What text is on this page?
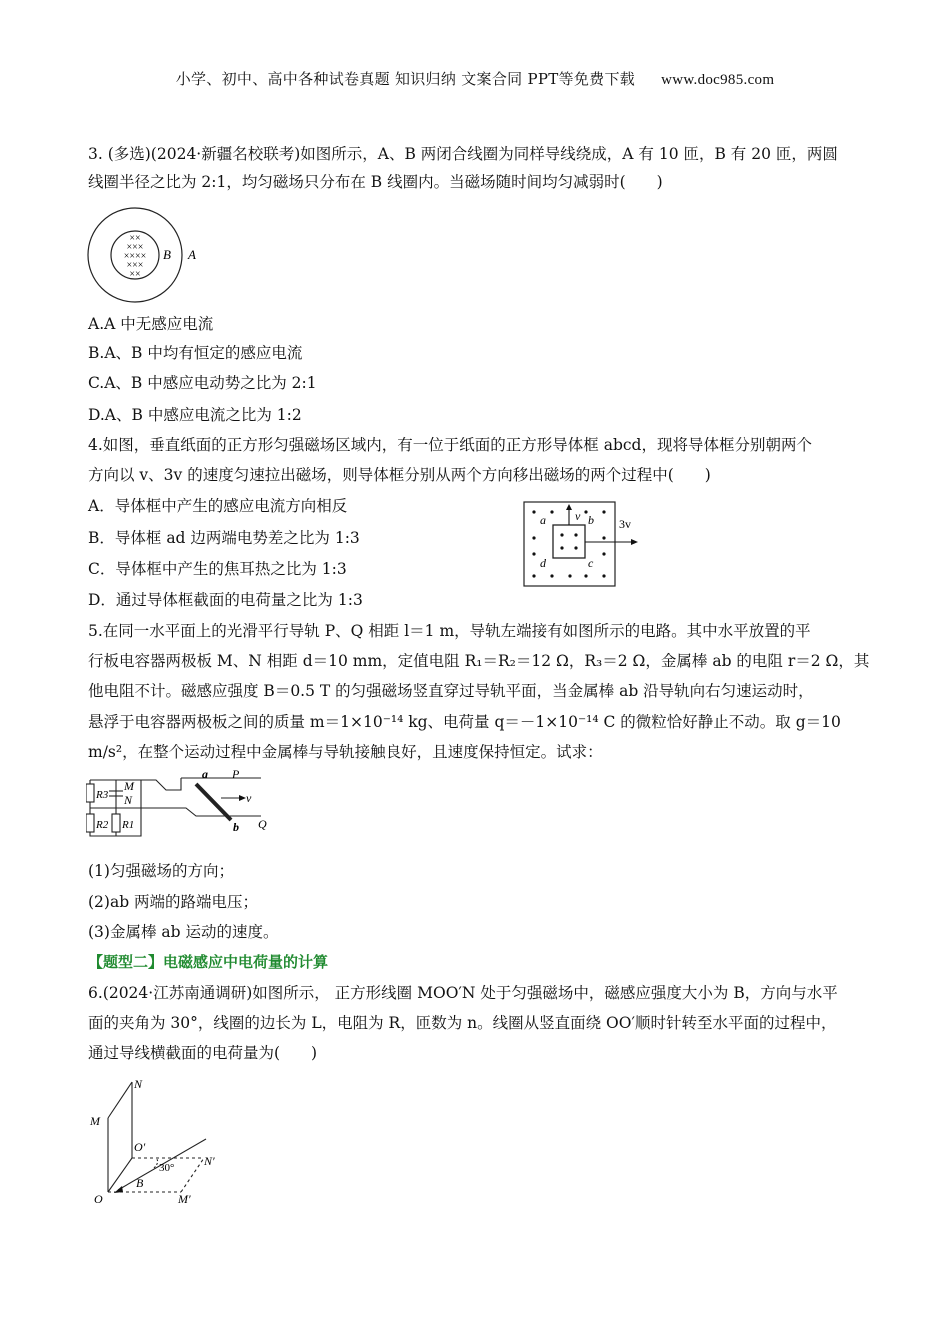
小学、初中、高中各种试卷真题 知识归纳 文案合同 PPT等免费下载 www.doc985.com
3. (多选)(2024·新疆名校联考)如图所示，A、B 两闭合线圈为同样导线绕成，A 有 10 匝，B 有 20 匝，两圆
线圈半径之比为 2:1，均匀磁场只分布在 B 线圈内。当磁场随时间均匀减弱时(　　)
××
×××
××××
×××
××
B A
A.A 中无感应电流
B.A、B 中均有恒定的感应电流
C.A、B 中感应电动势之比为 2:1
D.A、B 中感应电流之比为 1:2
4.如图，垂直纸面的正方形匀强磁场区域内，有一位于纸面的正方形导体框 abcd，现将导体框分别朝两个
方向以 v、3v 的速度匀速拉出磁场，则导体框分别从两个方向移出磁场的两个过程中(　　)
A．导体框中产生的感应电流方向相反
B．导体框 ad 边两端电势差之比为 1:3
C．导体框中产生的焦耳热之比为 1:3
D．通过导体框截面的电荷量之比为 1:3
a v b 3v
d	c
5.在同一水平面上的光滑平行导轨 P、Q 相距 l＝1 m，导轨左端接有如图所示的电路。其中水平放置的平
行板电容器两极板 M、N 相距 d＝10 mm，定值电阻 R₁＝R₂＝12 Ω，R₃＝2 Ω，金属棒 ab 的电阻 r＝2 Ω，其
他电阻不计。磁感应强度 B＝0.5 T 的匀强磁场竖直穿过导轨平面，当金属棒 ab 沿导轨向右匀速运动时，
悬浮于电容器两极板之间的质量 m＝1×10⁻¹⁴ kg、电荷量 q＝－1×10⁻¹⁴ C 的微粒恰好静止不动。取 g＝10
m/s²，在整个运动过程中金属棒与导轨接触良好，且速度保持恒定。试求：
R3
R2 R1
M
N
a P
v
b Q
(1)匀强磁场的方向；
(2)ab 两端的路端电压；
(3)金属棒 ab 运动的速度。
【题型二】电磁感应中电荷量的计算
6.(2024·江苏南通调研)如图所示， 正方形线圈 MOO′N 处于匀强磁场中，磁感应强度大小为 B，方向与水平
面的夹角为 30°，线圈的边长为 L，电阻为 R，匝数为 n。线圈从竖直面绕 OO′顺时针转至水平面的过程中，
通过导线横截面的电荷量为(　　)
N
M
O′
N′
30°
B
O	M′
